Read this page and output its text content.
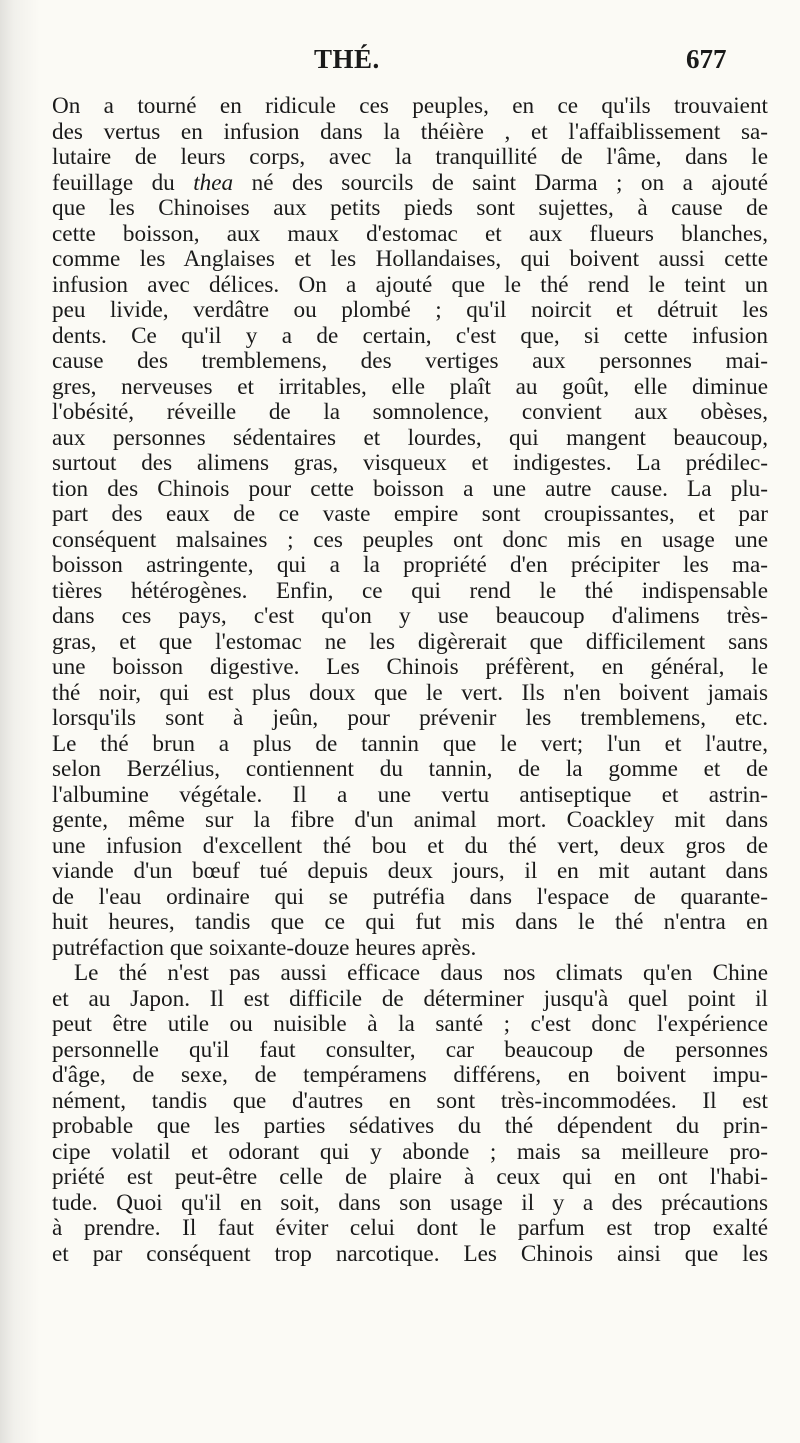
THÉ.	677
On a tourné en ridicule ces peuples, en ce qu'ils trouvaient
des vertus en infusion dans la théière , et l'affaiblissement sa-
lutaire de leurs corps, avec la tranquillité de l'âme, dans le
feuillage du thea né des sourcils de saint Darma ; on a ajouté
que les Chinoises aux petits pieds sont sujettes, à cause de
cette boisson, aux maux d'estomac et aux flueurs blanches,
comme les Anglaises et les Hollandaises, qui boivent aussi cette
infusion avec délices. On a ajouté que le thé rend le teint un
peu livide, verdâtre ou plombé ; qu'il noircit et détruit les
dents. Ce qu'il y a de certain, c'est que, si cette infusion
cause des tremblemens, des vertiges aux personnes mai-
gres, nerveuses et irritables, elle plaît au goût, elle diminue
l'obésité, réveille de la somnolence, convient aux obèses,
aux personnes sédentaires et lourdes, qui mangent beaucoup,
surtout des alimens gras, visqueux et indigestes. La prédilec-
tion des Chinois pour cette boisson a une autre cause. La plu-
part des eaux de ce vaste empire sont croupissantes, et par
conséquent malsaines ; ces peuples ont donc mis en usage une
boisson astringente, qui a la propriété d'en précipiter les ma-
tières hétérogènes. Enfin, ce qui rend le thé indispensable
dans ces pays, c'est qu'on y use beaucoup d'alimens très-
gras, et que l'estomac ne les digèrerait que difficilement sans
une boisson digestive. Les Chinois préfèrent, en général, le
thé noir, qui est plus doux que le vert. Ils n'en boivent jamais
lorsqu'ils sont à jeûn, pour prévenir les tremblemens, etc.
Le thé brun a plus de tannin que le vert; l'un et l'autre,
selon Berzélius, contiennent du tannin, de la gomme et de
l'albumine végétale. Il a une vertu antiseptique et astrin-
gente, même sur la fibre d'un animal mort. Coackley mit dans
une infusion d'excellent thé bou et du thé vert, deux gros de
viande d'un bœuf tué depuis deux jours, il en mit autant dans
de l'eau ordinaire qui se putréfia dans l'espace de quarante-
huit heures, tandis que ce qui fut mis dans le thé n'entra en
putréfaction que soixante-douze heures après.
Le thé n'est pas aussi efficace daus nos climats qu'en Chine
et au Japon. Il est difficile de déterminer jusqu'à quel point il
peut être utile ou nuisible à la santé ; c'est donc l'expérience
personnelle qu'il faut consulter, car beaucoup de personnes
d'âge, de sexe, de tempéramens différens, en boivent impu-
nément, tandis que d'autres en sont très-incommodées. Il est
probable que les parties sédatives du thé dépendent du prin-
cipe volatil et odorant qui y abonde ; mais sa meilleure pro-
priété est peut-être celle de plaire à ceux qui en ont l'habi-
tude. Quoi qu'il en soit, dans son usage il y a des précautions
à prendre. Il faut éviter celui dont le parfum est trop exalté
et par conséquent trop narcotique. Les Chinois ainsi que les
